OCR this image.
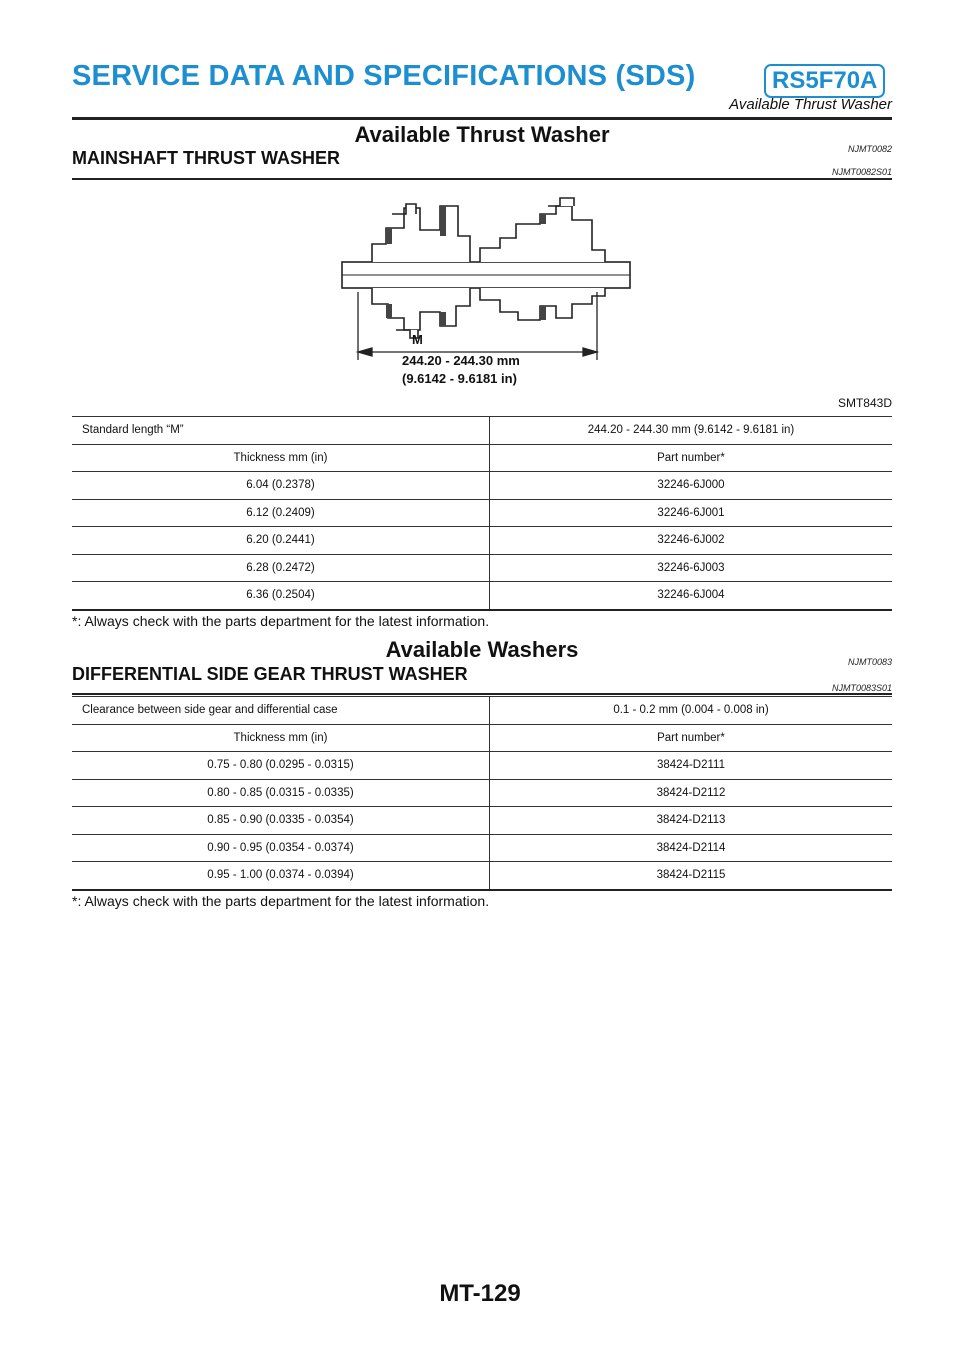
SERVICE DATA AND SPECIFICATIONS (SDS)	RS5F70A
Available Thrust Washer
Available Thrust Washer
NJMT0082
MAINSHAFT THRUST WASHER
NJMT0082S01
M
244.20 - 244.30 mm
(9.6142 - 9.6181 in)
SMT843D
Standard length “M”	244.20 - 244.30 mm (9.6142 - 9.6181 in)
Thickness mm (in)	Part number*
6.04 (0.2378)	32246-6J000
6.12 (0.2409)	32246-6J001
6.20 (0.2441)	32246-6J002
6.28 (0.2472)	32246-6J003
6.36 (0.2504)	32246-6J004
*: Always check with the parts department for the latest information.
Available Washers	NJMT0083
DIFFERENTIAL SIDE GEAR THRUST WASHER
NJMT0083S01
Clearance between side gear and differential case	0.1 - 0.2 mm (0.004 - 0.008 in)
Thickness mm (in)	Part number*
0.75 - 0.80 (0.0295 - 0.0315)	38424-D2111
0.80 - 0.85 (0.0315 - 0.0335)	38424-D2112
0.85 - 0.90 (0.0335 - 0.0354)	38424-D2113
0.90 - 0.95 (0.0354 - 0.0374)	38424-D2114
0.95 - 1.00 (0.0374 - 0.0394)	38424-D2115
*: Always check with the parts department for the latest information.
MT-129
